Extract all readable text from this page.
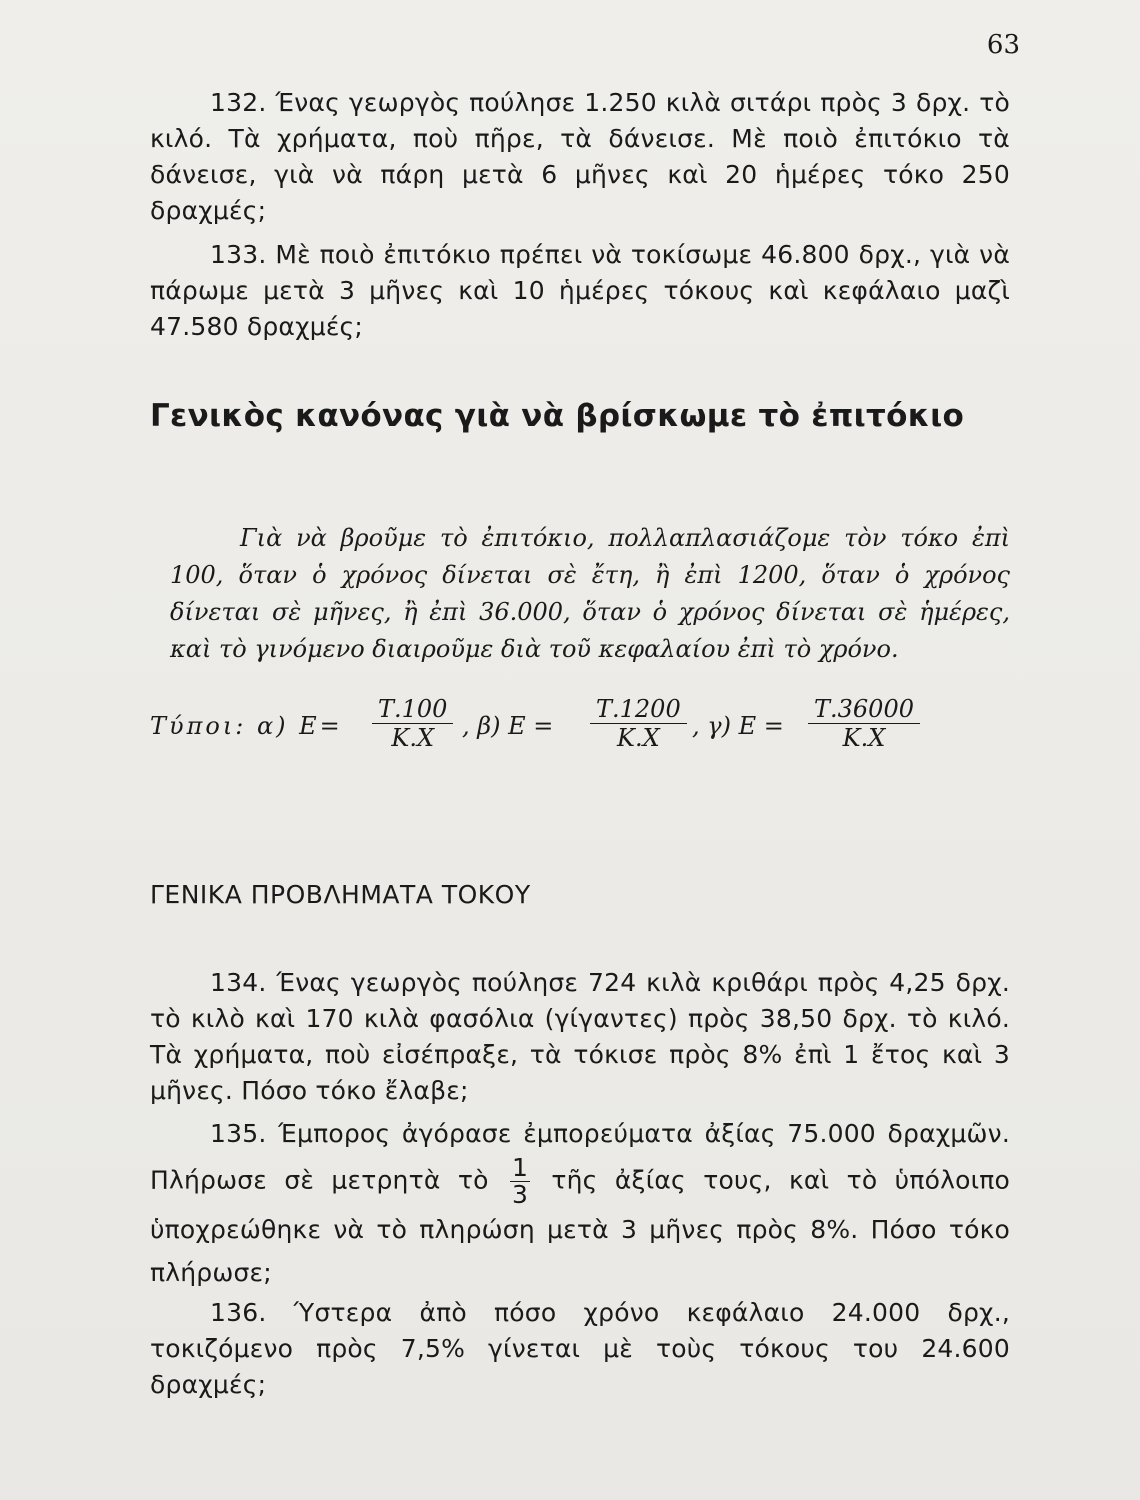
63
132. Ένας γεωργὸς πούλησε 1.250 κιλὰ σιτάρι πρὸς 3 δρχ. τὸ κιλό. Τὰ χρήματα, ποὺ πῆρε, τὰ δάνεισε. Μὲ ποιὸ ἐπιτόκιο τὰ δάνεισε, γιὰ νὰ πάρη μετὰ 6 μῆνες καὶ 20 ἡμέρες τόκο 250 δραχμές;
133. Μὲ ποιὸ ἐπιτόκιο πρέπει νὰ τοκίσωμε 46.800 δρχ., γιὰ νὰ πάρωμε μετὰ 3 μῆνες καὶ 10 ἡμέρες τόκους καὶ κεφάλαιο μαζὶ 47.580 δραχμές;
Γενικὸς κανόνας γιὰ νὰ βρίσκωμε τὸ ἐπιτόκιο
Γιὰ νὰ βροῦμε τὸ ἐπιτόκιο, πολλαπλασιάζομε τὸν τόκο ἐπὶ 100, ὅταν ὁ χρόνος δίνεται σὲ ἔτη, ἢ ἐπὶ 1200, ὅταν ὁ χρόνος δίνεται σὲ μῆνες, ἢ ἐπὶ 36.000, ὅταν ὁ χρόνος δίνεται σὲ ἡμέρες, καὶ τὸ γινόμενο διαιροῦμε διὰ τοῦ κεφαλαίου ἐπὶ τὸ χρόνο.
Τύποι: α) $E= \frac{T.100}{K.X}$ , β) $E = \frac{T.1200}{K.X}$ , γ) $E = \frac{T.36000}{K.X}$
ΓΕΝΙΚΑ ΠΡΟΒΛΗΜΑΤΑ ΤΟΚΟΥ
134. Ένας γεωργὸς πούλησε 724 κιλὰ κριθάρι πρὸς 4,25 δρχ. τὸ κιλὸ καὶ 170 κιλὰ φασόλια (γίγαντες) πρὸς 38,50 δρχ. τὸ κιλό. Τὰ χρήματα, ποὺ εἰσέπραξε, τὰ τόκισε πρὸς 8% ἐπὶ 1 ἔτος καὶ 3 μῆνες. Πόσο τόκο ἔλαβε;
135. Έμπορος ἀγόρασε ἐμπορεύματα ἀξίας 75.000 δραχμῶν. Πλήρωσε σὲ μετρητὰ τὸ $\frac{1}{3}$ τῆς ἀξίας τους, καὶ τὸ ὑπόλοιπο ὑποχρεώθηκε νὰ τὸ πληρώση μετὰ 3 μῆνες πρὸς 8%. Πόσο τόκο πλήρωσε;
136. Ύστερα ἀπὸ πόσο χρόνο κεφάλαιο 24.000 δρχ., τοκιζόμενο πρὸς 7,5% γίνεται μὲ τοὺς τόκους του 24.600 δραχμές;
